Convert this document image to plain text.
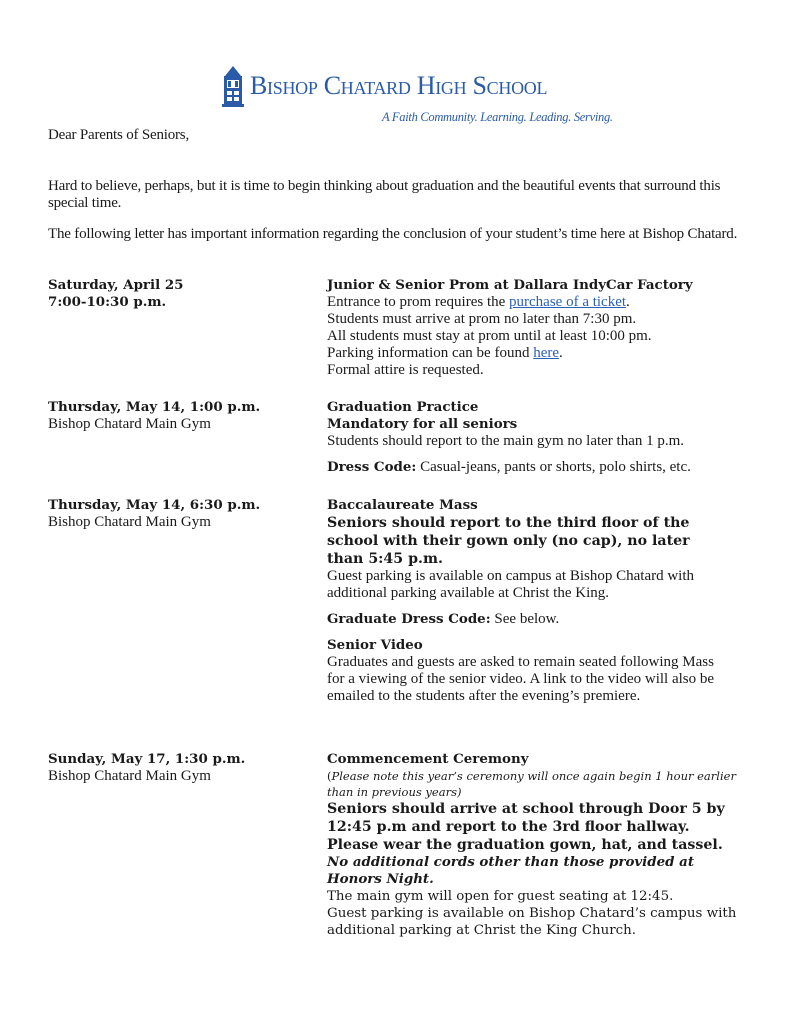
Bishop Chatard High School
A Faith Community. Learning. Leading. Serving.
Dear Parents of Seniors,
Hard to believe, perhaps, but it is time to begin thinking about graduation and the beautiful events that surround this special time.
The following letter has important information regarding the conclusion of your student’s time here at Bishop Chatard.
Saturday, April 25
7:00-10:30 p.m.
Junior & Senior Prom at Dallara IndyCar Factory
Entrance to prom requires the purchase of a ticket.
Students must arrive at prom no later than 7:30 pm.
All students must stay at prom until at least 10:00 pm.
Parking information can be found here.
Formal attire is requested.
Thursday, May 14, 1:00 p.m.
Bishop Chatard Main Gym
Graduation Practice
Mandatory for all seniors
Students should report to the main gym no later than 1 p.m.
Dress Code: Casual-jeans, pants or shorts, polo shirts, etc.
Thursday, May 14, 6:30 p.m.
Bishop Chatard Main Gym
Baccalaureate Mass
Seniors should report to the third floor of the school with their gown only (no cap), no later than 5:45 p.m.
Guest parking is available on campus at Bishop Chatard with additional parking available at Christ the King.
Graduate Dress Code: See below.
Senior Video
Graduates and guests are asked to remain seated following Mass for a viewing of the senior video. A link to the video will also be emailed to the students after the evening’s premiere.
Sunday, May 17, 1:30 p.m.
Bishop Chatard Main Gym
Commencement Ceremony
(Please note this year’s ceremony will once again begin 1 hour earlier than in previous years)
Seniors should arrive at school through Door 5 by 12:45 p.m and report to the 3rd floor hallway. Please wear the graduation gown, hat, and tassel.
No additional cords other than those provided at Honors Night.
The main gym will open for guest seating at 12:45.
Guest parking is available on Bishop Chatard’s campus with additional parking at Christ the King Church.
